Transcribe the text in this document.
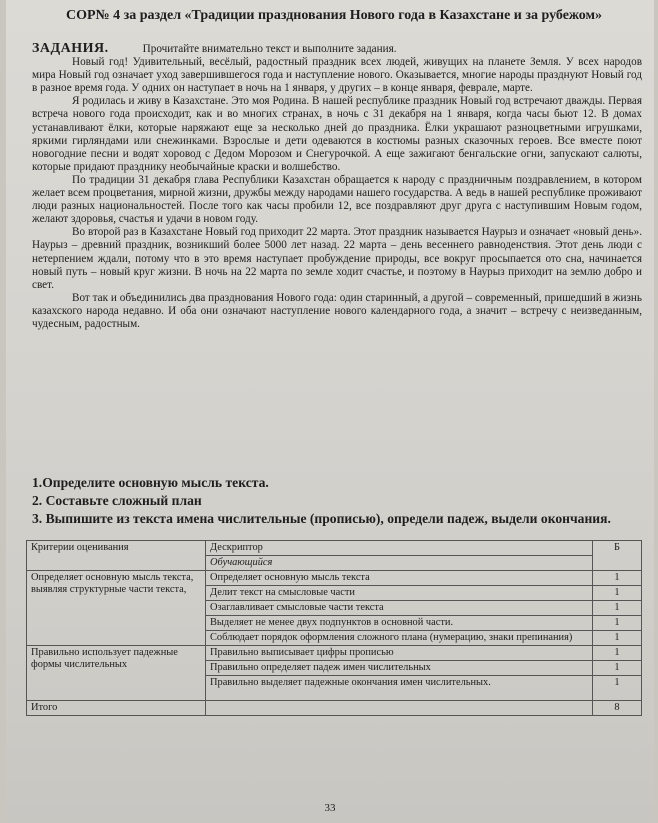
СОР№ 4 за раздел «Традиции празднования Нового года в Казахстане и за рубежом»
ЗАДАНИЯ.	Прочитайте внимательно текст и выполните задания.

Новый год! Удивительный, весёлый, радостный праздник всех людей, живущих на планете Земля. У всех народов мира Новый год означает уход завершившегося года и наступление нового. Оказывается, многие народы празднуют Новый год в разное время года. У одних он наступает в ночь на 1 января, у других – в конце января, феврале, марте.

Я родилась и живу в Казахстане. Это моя Родина. В нашей республике праздник Новый год встречают дважды. Первая встреча нового года происходит, как и во многих странах, в ночь с 31 декабря на 1 января, когда часы бьют 12. В домах устанавливают ёлки, которые наряжают еще за несколько дней до праздника. Ёлки украшают разноцветными игрушками, яркими гирляндами или снежинками. Взрослые и дети одеваются в костюмы разных сказочных героев. Все вместе поют новогодние песни и водят хоровод с Дедом Морозом и Снегурочкой. А еще зажигают бенгальские огни, запускают салюты, которые придают празднику необычайные краски и волшебство.

По традиции 31 декабря глава Республики Казахстан обращается к народу с праздничным поздравлением, в котором желает всем процветания, мирной жизни, дружбы между народами нашего государства. А ведь в нашей республике проживают люди разных национальностей. После того как часы пробили 12, все поздравляют друг друга с наступившим Новым годом, желают здоровья, счастья и удачи в новом году.

Во второй раз в Казахстане Новый год приходит 22 марта. Этот праздник называется Наурыз и означает «новый день». Наурыз – древний праздник, возникший более 5000 лет назад. 22 марта – день весеннего равноденствия. Этот день люди с нетерпением ждали, потому что в это время наступает пробуждение природы, все вокруг просыпается ото сна, начинается новый путь – новый круг жизни. В ночь на 22 марта по земле ходит счастье, и поэтому в Наурыз приходит на землю добро и свет.

Вот так и объединились два празднования Нового года: один старинный, а другой – современный, пришедший в жизнь казахского народа недавно. И оба они означают наступление нового календарного года, а значит – встречу с неизведанным, чудесным, радостным.

1.Определите основную мысль текста.
2. Составьте сложный план
3. Выпишите из текста имена числительные (прописью), определи падеж, выдели окончания.
Критерии оценивания	Дескриптор	Б
	Обучающийся	
Определяет основную мысль текста, выявляя структурные части текста,	Определяет основную мысль текста	1
	Делит текст на смысловые части	1
	Озаглавливает смысловые части текста	1
	Выделяет не менее двух подпунктов в основной части.	1
	Соблюдает порядок оформления сложного плана (нумерацию, знаки препинания)	1
Правильно использует падежные формы числительных	Правильно выписывает цифры прописью	1
	Правильно определяет падеж имен числительных	1
	Правильно выделяет падежные окончания имен числительных.	1
Итого		8
33
